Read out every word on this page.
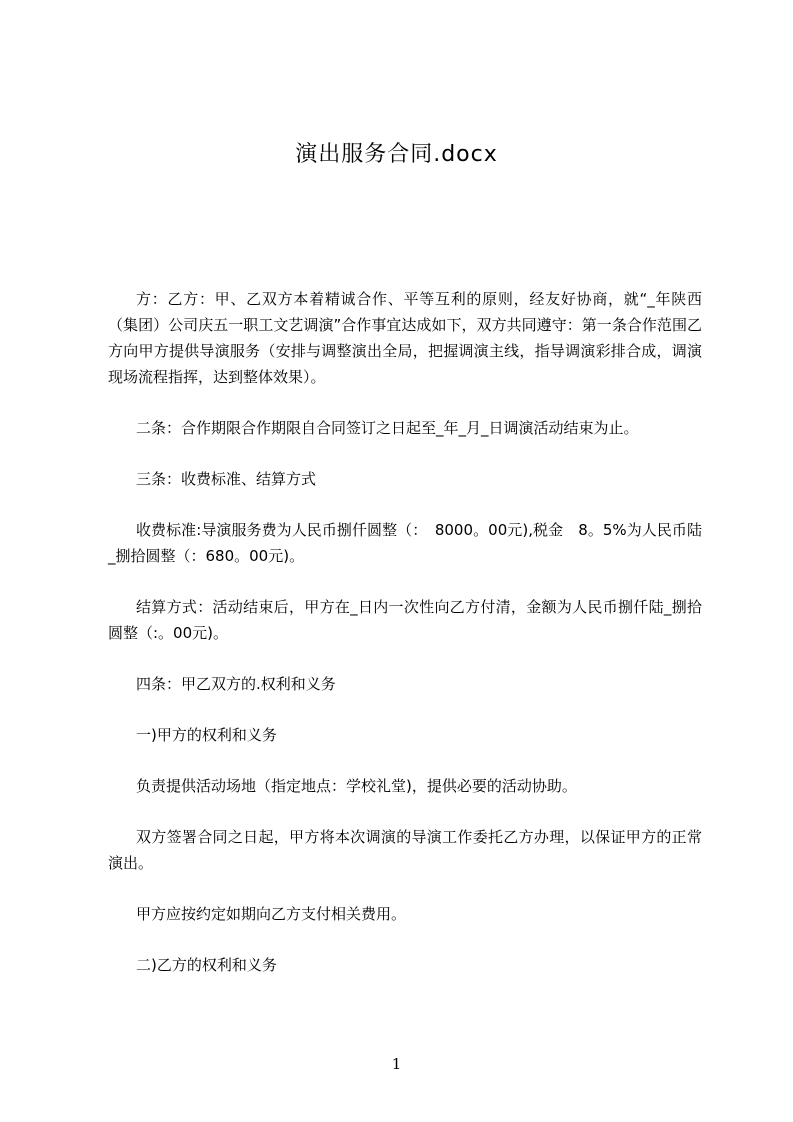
演出服务合同.docx

方：乙方：甲、乙双方本着精诚合作、平等互利的原则，经友好协商，就“_年陕西（集团）公司庆五一职工文艺调演”合作事宜达成如下，双方共同遵守：第一条合作范围乙方向甲方提供导演服务（安排与调整演出全局，把握调演主线，指导调演彩排合成，调演现场流程指挥，达到整体效果）。

二条：合作期限合作期限自合同签订之日起至_年_月_日调演活动结束为止。

三条：收费标准、结算方式

收费标准:导演服务费为人民币捌仟圆整（：　8000。00元),税金　8。5%为人民币陆_捌拾圆整（：680。00元)。

结算方式：活动结束后，甲方在_日内一次性向乙方付清，金额为人民币捌仟陆_捌拾圆整（:。00元)。

四条：甲乙双方的.权利和义务

一)甲方的权利和义务

负责提供活动场地（指定地点：学校礼堂)，提供必要的活动协助。

双方签署合同之日起，甲方将本次调演的导演工作委托乙方办理，以保证甲方的正常演出。

甲方应按约定如期向乙方支付相关费用。

二)乙方的权利和义务

1
